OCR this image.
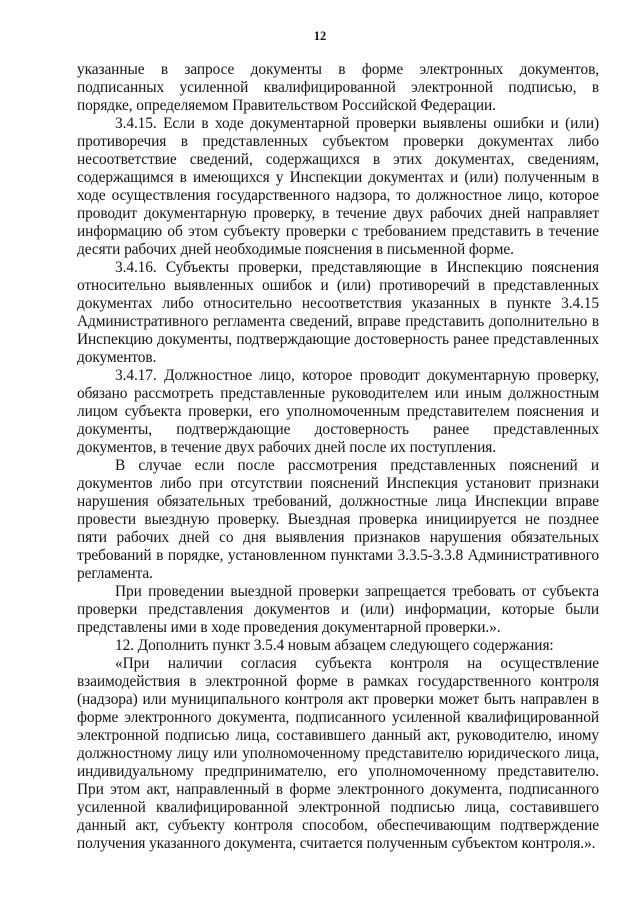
12

указанные в запросе документы в форме электронных документов, подписанных усиленной квалифицированной электронной подписью, в порядке, определяемом Правительством Российской Федерации.

3.4.15. Если в ходе документарной проверки выявлены ошибки и (или) противоречия в представленных субъектом проверки документах либо несоответствие сведений, содержащихся в этих документах, сведениям, содержащимся в имеющихся у Инспекции документах и (или) полученным в ходе осуществления государственного надзора, то должностное лицо, которое проводит документарную проверку, в течение двух рабочих дней направляет информацию об этом субъекту проверки с требованием представить в течение десяти рабочих дней необходимые пояснения в письменной форме.

3.4.16. Субъекты проверки, представляющие в Инспекцию пояснения относительно выявленных ошибок и (или) противоречий в представленных документах либо относительно несоответствия указанных в пункте 3.4.15 Административного регламента сведений, вправе представить дополнительно в Инспекцию документы, подтверждающие достоверность ранее представленных документов.

3.4.17. Должностное лицо, которое проводит документарную проверку, обязано рассмотреть представленные руководителем или иным должностным лицом субъекта проверки, его уполномоченным представителем пояснения и документы, подтверждающие достоверность ранее представленных документов, в течение двух рабочих дней после их поступления.

В случае если после рассмотрения представленных пояснений и документов либо при отсутствии пояснений Инспекция установит признаки нарушения обязательных требований, должностные лица Инспекции вправе провести выездную проверку. Выездная проверка инициируется не позднее пяти рабочих дней со дня выявления признаков нарушения обязательных требований в порядке, установленном пунктами 3.3.5-3.3.8 Административного регламента.

При проведении выездной проверки запрещается требовать от субъекта проверки представления документов и (или) информации, которые были представлены ими в ходе проведения документарной проверки.».

12. Дополнить пункт 3.5.4 новым абзацем следующего содержания:

«При наличии согласия субъекта контроля на осуществление взаимодействия в электронной форме в рамках государственного контроля (надзора) или муниципального контроля акт проверки может быть направлен в форме электронного документа, подписанного усиленной квалифицированной электронной подписью лица, составившего данный акт, руководителю, иному должностному лицу или уполномоченному представителю юридического лица, индивидуальному предпринимателю, его уполномоченному представителю. При этом акт, направленный в форме электронного документа, подписанного усиленной квалифицированной электронной подписью лица, составившего данный акт, субъекту контроля способом, обеспечивающим подтверждение получения указанного документа, считается полученным субъектом контроля.».
